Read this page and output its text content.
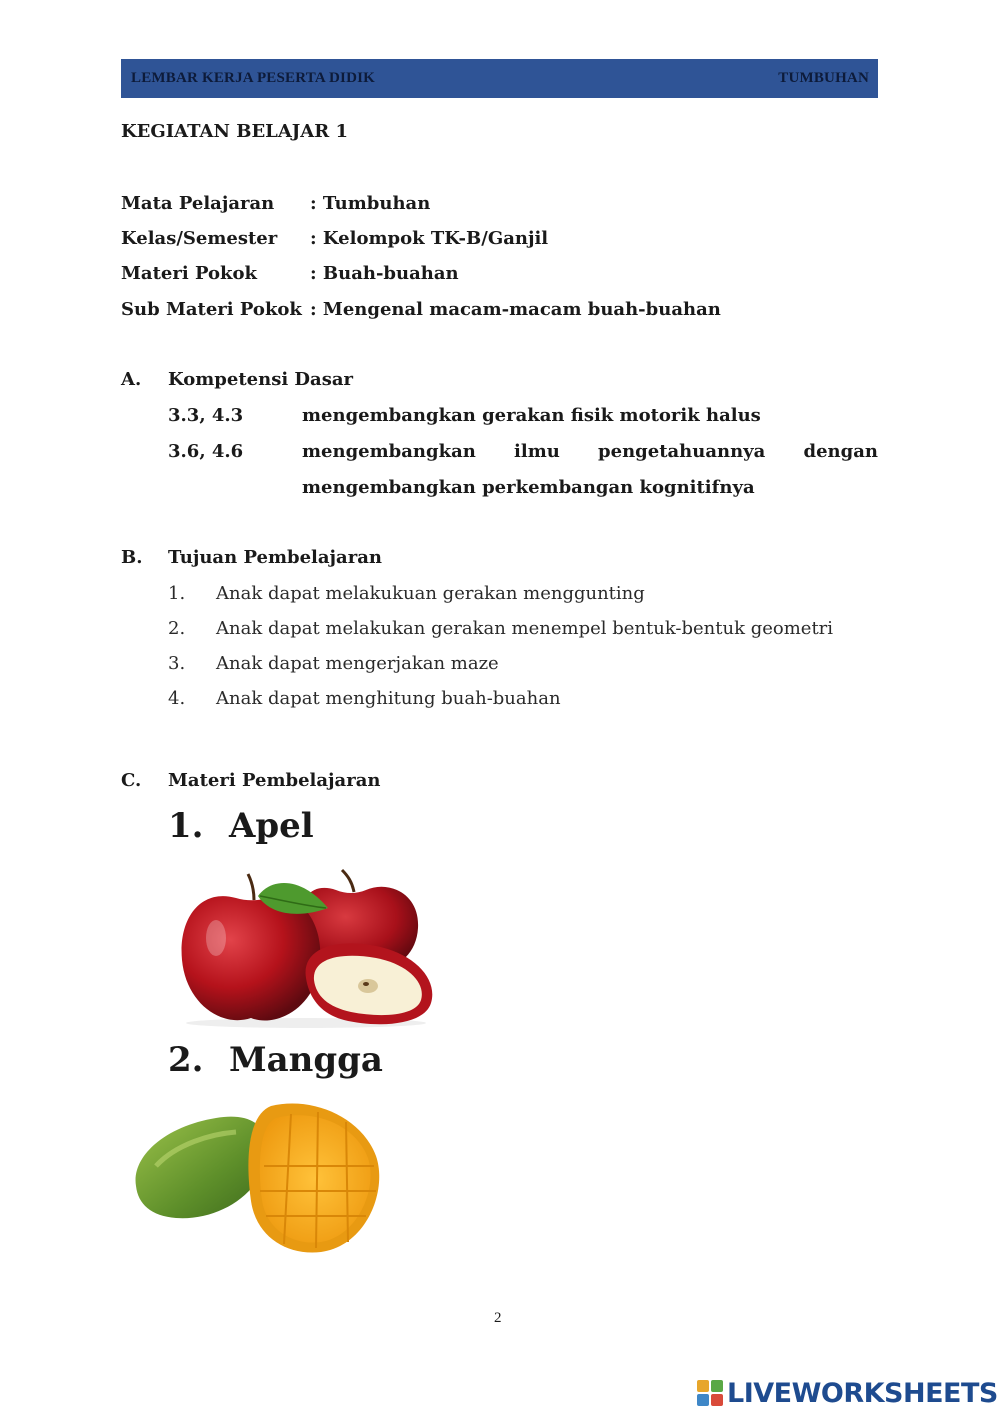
LEMBAR KERJA PESERTA DIDIK	TUMBUHAN
KEGIATAN BELAJAR 1
Mata Pelajaran : Tumbuhan
Kelas/Semester : Kelompok TK-B/Ganjil
Materi Pokok	: Buah-buahan
Sub Materi Pokok : Mengenal macam-macam buah-buahan
A. Kompetensi Dasar
3.3, 4.3	mengembangkan gerakan fisik motorik halus
3.6, 4.6	mengembangkan ilmu pengetahuannya dengan
mengembangkan perkembangan kognitifnya
B. Tujuan Pembelajaran
1. Anak dapat melakukuan gerakan menggunting
2. Anak dapat melakukan gerakan menempel bentuk-bentuk geometri
3. Anak dapat mengerjakan maze
4. Anak dapat menghitung buah-buahan
C. Materi Pembelajaran
1. Apel
2. Mangga
2
LIVEWORKSHEETS
